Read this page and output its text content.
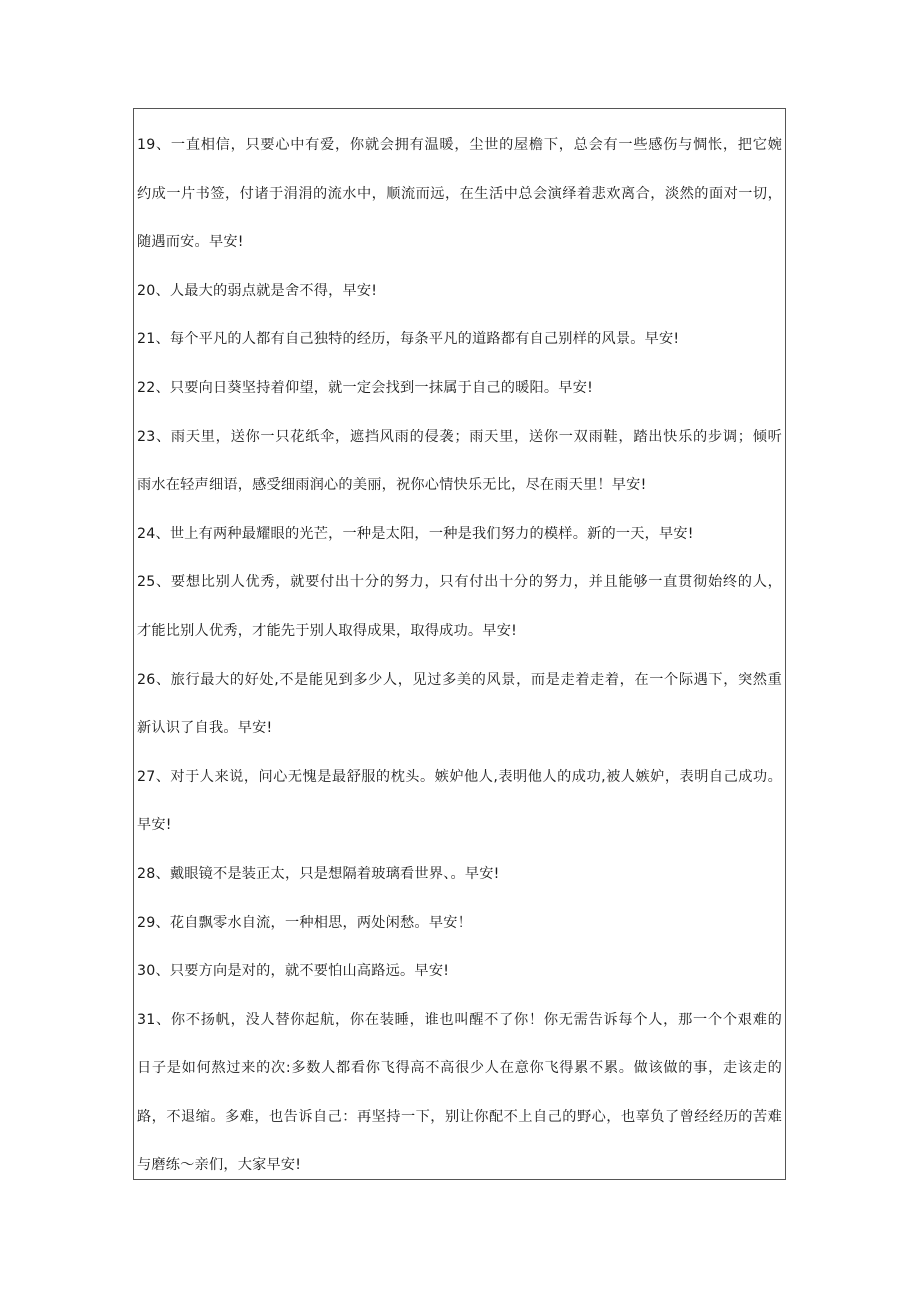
19、一直相信，只要心中有爱，你就会拥有温暖，尘世的屋檐下，总会有一些感伤与惆怅，把它婉
约成一片书签，付诸于涓涓的流水中，顺流而远，在生活中总会演绎着悲欢离合，淡然的面对一切，
随遇而安。早安!
20、人最大的弱点就是舍不得，早安!
21、每个平凡的人都有自己独特的经历，每条平凡的道路都有自己别样的风景。早安!
22、只要向日葵坚持着仰望，就一定会找到一抹属于自己的暖阳。早安!
23、雨天里，送你一只花纸伞，遮挡风雨的侵袭；雨天里，送你一双雨鞋，踏出快乐的步调；倾听
雨水在轻声细语，感受细雨润心的美丽，祝你心情快乐无比，尽在雨天里！早安!
24、世上有两种最耀眼的光芒，一种是太阳，一种是我们努力的模样。新的一天，早安!
25、要想比别人优秀，就要付出十分的努力，只有付出十分的努力，并且能够一直贯彻始终的人，
才能比别人优秀，才能先于别人取得成果，取得成功。早安!
26、旅行最大的好处,不是能见到多少人，见过多美的风景，而是走着走着，在一个际遇下，突然重
新认识了自我。早安!
27、对于人来说，问心无愧是最舒服的枕头。嫉妒他人,表明他人的成功,被人嫉妒，表明自己成功。
早安!
28、戴眼镜不是装正太，只是想隔着玻璃看世界、。早安!
29、花自飘零水自流，一种相思，两处闲愁。早安！
30、只要方向是对的，就不要怕山高路远。早安!
31、你不扬帆，没人替你起航，你在装睡，谁也叫醒不了你！你无需告诉每个人，那一个个艰难的
日子是如何熬过来的次:多数人都看你飞得高不高很少人在意你飞得累不累。做该做的事，走该走的
路，不退缩。多难，也告诉自己：再坚持一下，别让你配不上自己的野心，也辜负了曾经经历的苦难
与磨练～亲们，大家早安!
